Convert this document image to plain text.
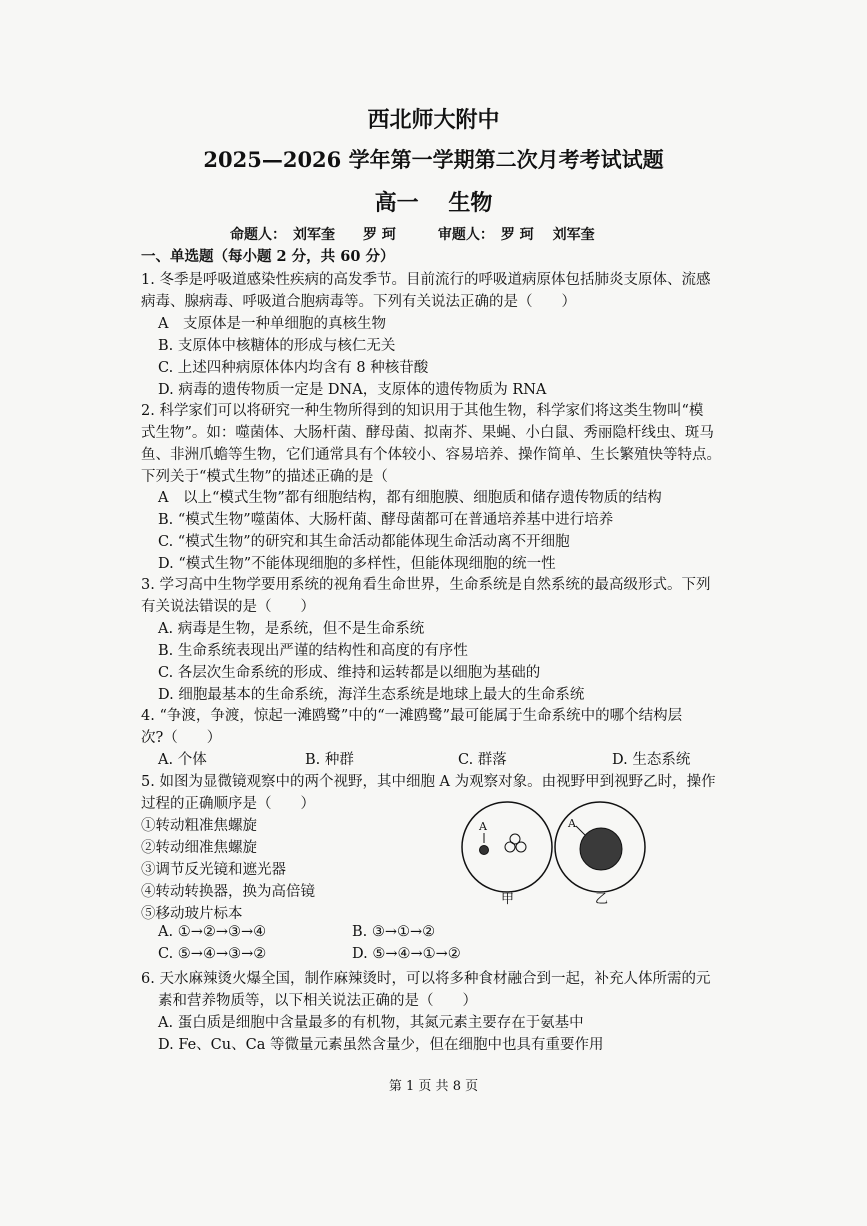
西北师大附中
2025—2026 学年第一学期第二次月考考试试题
高一　 生物
命题人：　刘军奎　　罗 珂　　　审题人：　罗 珂　 刘军奎
一、单选题（每小题 2 分，共 60 分）
1. 冬季是呼吸道感染性疾病的高发季节。目前流行的呼吸道病原体包括肺炎支原体、流感
病毒、腺病毒、呼吸道合胞病毒等。下列有关说法正确的是（　　）
A　支原体是一种单细胞的真核生物
B. 支原体中核糖体的形成与核仁无关
C. 上述四种病原体体内均含有 8 种核苷酸
D. 病毒的遗传物质一定是 DNA，支原体的遗传物质为 RNA
2. 科学家们可以将研究一种生物所得到的知识用于其他生物，科学家们将这类生物叫“模
式生物”。如：噬菌体、大肠杆菌、酵母菌、拟南芥、果蝇、小白鼠、秀丽隐杆线虫、斑马
鱼、非洲爪蟾等生物，它们通常具有个体较小、容易培养、操作简单、生长繁殖快等特点。
下列关于“模式生物”的描述正确的是（
A　以上“模式生物”都有细胞结构，都有细胞膜、细胞质和储存遗传物质的结构
B. “模式生物”噬菌体、大肠杆菌、酵母菌都可在普通培养基中进行培养
C. “模式生物”的研究和其生命活动都能体现生命活动离不开细胞
D. “模式生物”不能体现细胞的多样性，但能体现细胞的统一性
3. 学习高中生物学要用系统的视角看生命世界，生命系统是自然系统的最高级形式。下列
有关说法错误的是（　　）
A. 病毒是生物，是系统，但不是生命系统
B. 生命系统表现出严谨的结构性和高度的有序性
C. 各层次生命系统的形成、维持和运转都是以细胞为基础的
D. 细胞最基本的生命系统，海洋生态系统是地球上最大的生命系统
4. “争渡，争渡，惊起一滩鸥鹭”中的“一滩鸥鹭”最可能属于生命系统中的哪个结构层
次?（　　）
A. 个体	B. 种群	C. 群落	D. 生态系统
5. 如图为显微镜观察中的两个视野，其中细胞 A 为观察对象。由视野甲到视野乙时，操作
过程的正确顺序是（　　）
①转动粗准焦螺旋
②转动细准焦螺旋
③调节反光镜和遮光器
④转动转换器，换为高倍镜
⑤移动玻片标本
A. ①→②→③→④	B. ③→①→②
C. ⑤→④→③→②	D. ⑤→④→①→②
A	A
甲	乙
6. 天水麻辣烫火爆全国，制作麻辣烫时，可以将多种食材融合到一起，补充人体所需的元
素和营养物质等，以下相关说法正确的是（　　）
A. 蛋白质是细胞中含量最多的有机物，其氮元素主要存在于氨基中
D. Fe、Cu、Ca 等微量元素虽然含量少，但在细胞中也具有重要作用
第 1 页 共 8 页
